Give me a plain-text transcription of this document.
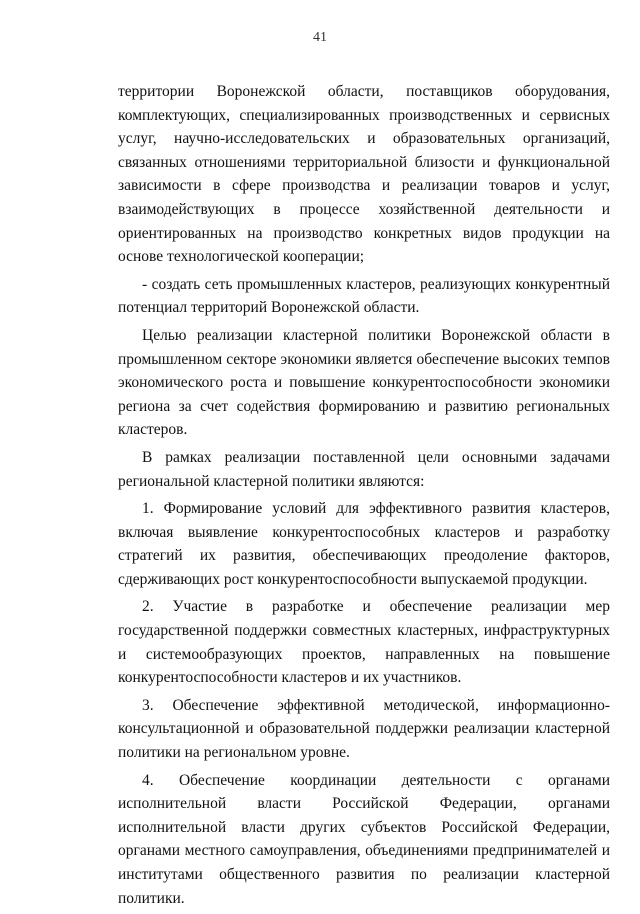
41

территории Воронежской области, поставщиков оборудования, комплектующих, специализированных производственных и сервисных услуг, научно-исследовательских и образовательных организаций, связанных отношениями территориальной близости и функциональной зависимости в сфере производства и реализации товаров и услуг, взаимодействующих в процессе хозяйственной деятельности и ориентированных на производство конкретных видов продукции на основе технологической кооперации;

- создать сеть промышленных кластеров, реализующих конкурентный потенциал территорий Воронежской области.

Целью реализации кластерной политики Воронежской области в промышленном секторе экономики является обеспечение высоких темпов экономического роста и повышение конкурентоспособности экономики региона за счет содействия формированию и развитию региональных кластеров.

В рамках реализации поставленной цели основными задачами региональной кластерной политики являются:

1. Формирование условий для эффективного развития кластеров, включая выявление конкурентоспособных кластеров и разработку стратегий их развития, обеспечивающих преодоление факторов, сдерживающих рост конкурентоспособности выпускаемой продукции.

2. Участие в разработке и обеспечение реализации мер государственной поддержки совместных кластерных, инфраструктурных и системообразующих проектов, направленных на повышение конкурентоспособности кластеров и их участников.

3. Обеспечение эффективной методической, информационно-консультационной и образовательной поддержки реализации кластерной политики на региональном уровне.

4. Обеспечение координации деятельности с органами исполнительной власти Российской Федерации, органами исполнительной власти других субъектов Российской Федерации, органами местного самоуправления, объединениями предпринимателей и институтами общественного развития по реализации кластерной политики.
